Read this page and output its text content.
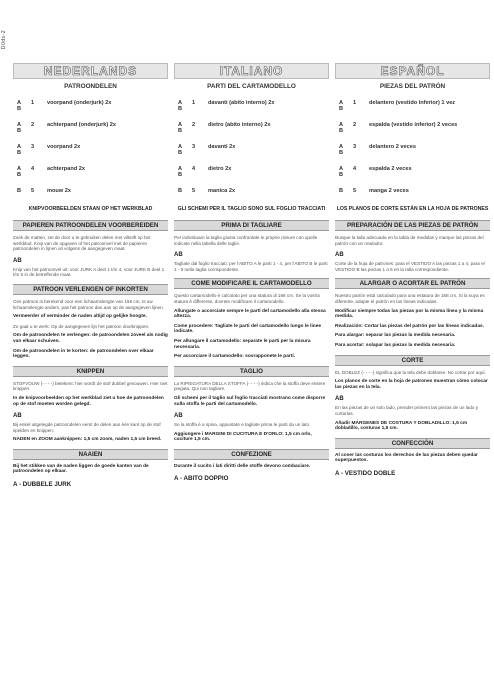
D0ds-2
NEDERLANDS
PATROONDELEN
A B
1	voorpand (onderjurk) 2x
A B
2	achterpand (onderjurk) 2x
A B
3	voorpand 2x
A B
4	achterpand 2x
B	5	mouw 2x
KNIPVOORBEELDEN STAAN OP HET WERKBLAD
PAPIEREN PATROONDELEN VOORBEREIDEN
Zoek de matten, zet de door u te gebruiken delen met viltstift op het werkblad. Knip van de opgaven of het patroonvel met de papieren patroondelen in lijnen uit volgens de aangegeven maat.
AB
Knip van het patroonvel uit: voor JURK A deel 1 t/m 4, voor JURK B deel 1 t/m 5 in de betreffende maat.
PATROON VERLENGEN OF INKORTEN
Ons patroon is berekend voor een lichaamslengte van 168 cm. Is uw lichaamslengte anders, pas het patroon dan aan op de aangegeven lijnen.
Vermeerder of verminder de naden altijd op gelijke hoogte.
Zo gaat u te werk: Op de aangegeven lijn het patroon doorknippen.
Om de patroondelen te verlengen: de patroondelen zoveel als nodig van elkaar schuiven.
Om de patroondelen in te korten: de patroondelen over elkaar leggen.
KNIPPEN
STOFVOUW (- - - -) betekent: hier wordt de stof dubbel gevouwen. Hier niet knippen.
In de knipvoorbeelden op het werkblad ziet u hoe de patroondelen op de stof moeten worden gelegd.
AB
Bij enkel uitgelegde patroondelen eerst de delen aan één kant op de stof spelden en knippen.
NADEN en ZOOM aanknippen: 1,5 cm zoom, naden 1,5 cm breed.
NAAIEN
Bij het stikken van de naden liggen de goede kanten van de patroondelen op elkaar.
A - DUBBELE JURK
ITALIANO
PARTI DEL CARTAMODELLO
A B
1	davanti (abito interno) 2x
A B
2	dietro (abito interno) 2x
A B
3	davanti 2x
A B
4	dietro 2x
B	5	manica 2x
GLI SCHEMI PER IL TAGLIO SONO SUL FOGLIO TRACCIATI
PRIMA DI TAGLIARE
Per individuare la taglia giusta confrontate le proprie misure con quelle indicate nella tabella delle taglie.
AB
Tagliate dal foglio tracciati: per l'ABITO A le parti 1 - 4, per l'ABITO B le parti 1 - 5 nella taglia corrispondente.
COME MODIFICARE IL CARTAMODELLO
Questo cartamodello è calcolato per una statura di 168 cm. Se la vostra statura è differente, dovrete modificare il cartamodello.
Allungate o accorciate sempre le parti del cartamodello alla stessa altezza.
Come procedere: Tagliate le parti del cartamodello lungo le linee indicate.
Per allungare il cartamodello: separate le parti per la misura necessaria.
Per accorciare il cartamodello: sovrapponete le parti.
TAGLIO
La RIPIEGATURA DELLA STOFFA (- - - -) indica che la stoffa deve essere piegata. Qui non tagliare.
Gli schemi per il taglio sul foglio tracciati mostrano come disporre sulla stoffa le parti del cartamodello.
AB
Se la stoffa è a spina, appuntate e tagliate prima le parti da un lato.
Aggiungere i MARGINI DI CUCITURA E D'ORLO: 1,5 cm orlo, cuciture 1,5 cm.
CONFEZIONE
Durante il cucito i lati diritti delle stoffe devono combaciare.
A - ABITO DOPPIO
ESPAÑOL
PIEZAS DEL PATRÓN
A B
1	delantero (vestido inferior) 1 vez
A B
2	espalda (vestido inferior) 2 veces
A B
3	delantero 2 veces
A B
4	espalda 2 veces
B	5	manga 2 veces
LOS PLANOS DE CORTE ESTÁN EN LA HOJA DE PATRONES
PREPARACIÓN DE LAS PIEZAS DE PATRÓN
Busque la talla adecuada en la tabla de medidas y marque las piezas del patrón con un rotulador.
AB
Corte de la hoja de patrones: para el VESTIDO A las piezas 1 a 4, para el VESTIDO B las piezas 1 a 5 en la talla correspondiente.
ALARGAR O ACORTAR EL PATRÓN
Nuestro patrón está calculado para una estatura de 168 cm. Si la suya es diferente, adapte el patrón en las líneas indicadas.
Modificar siempre todas las piezas por la misma línea y la misma medida.
Realización: Cortar las piezas del patrón por las líneas indicadas.
Para alargar: separar las piezas la medida necesaria.
Para acortar: solapar las piezas la medida necesaria.
CORTE
EL DOBLEZ (- - - -) significa que la tela debe doblarse. No cortar por aquí.
Los planos de corte en la hoja de patrones muestran cómo colocar las piezas en la tela.
AB
En las piezas de un solo lado, prender primero las piezas de un lado y cortarlas.
Añadir MÁRGENES DE COSTURA Y DOBLADILLO: 1,5 cm dobladillo, costuras 1,5 cm.
CONFECCIÓN
Al coser las costuras los derechos de las piezas deben quedar superpuestos.
A - VESTIDO DOBLE
